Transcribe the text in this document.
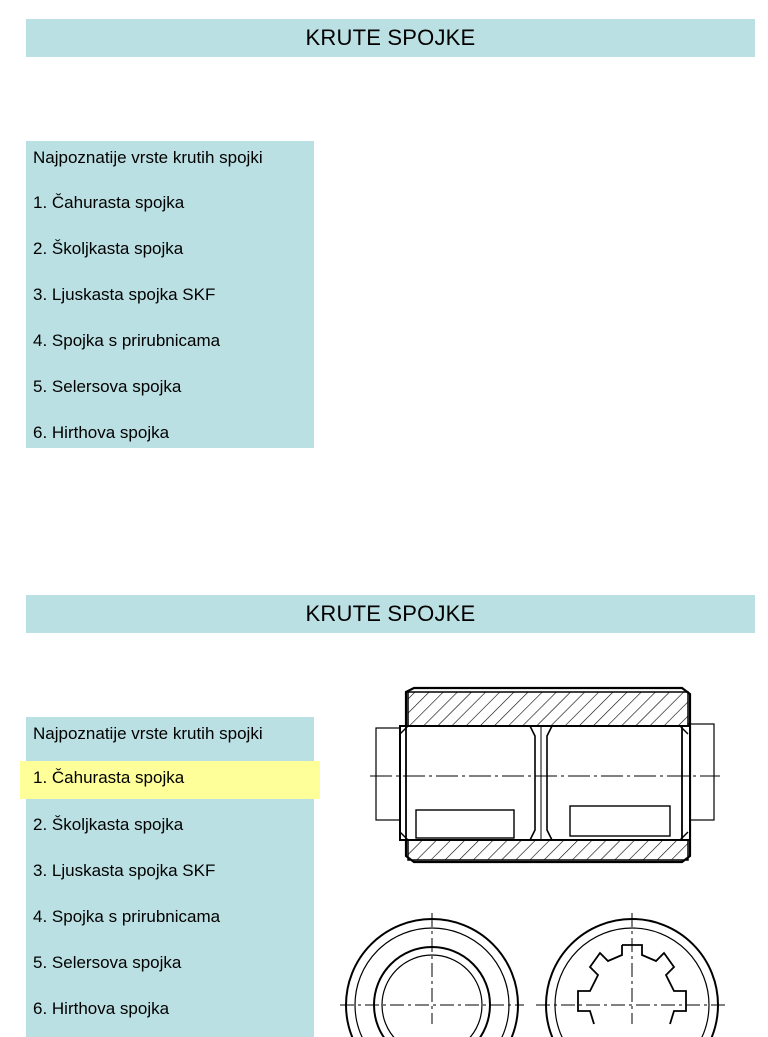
KRUTE SPOJKE
Najpoznatije vrste krutih spojki
1. Čahurasta spojka
2. Školjkasta spojka
3. Ljuskasta spojka SKF
4. Spojka s prirubnicama
5. Selersova spojka
6. Hirthova spojka
KRUTE SPOJKE
Najpoznatije vrste krutih spojki
1. Čahurasta spojka
2. Školjkasta spojka
3. Ljuskasta spojka SKF
4. Spojka s prirubnicama
5. Selersova spojka
6. Hirthova spojka
